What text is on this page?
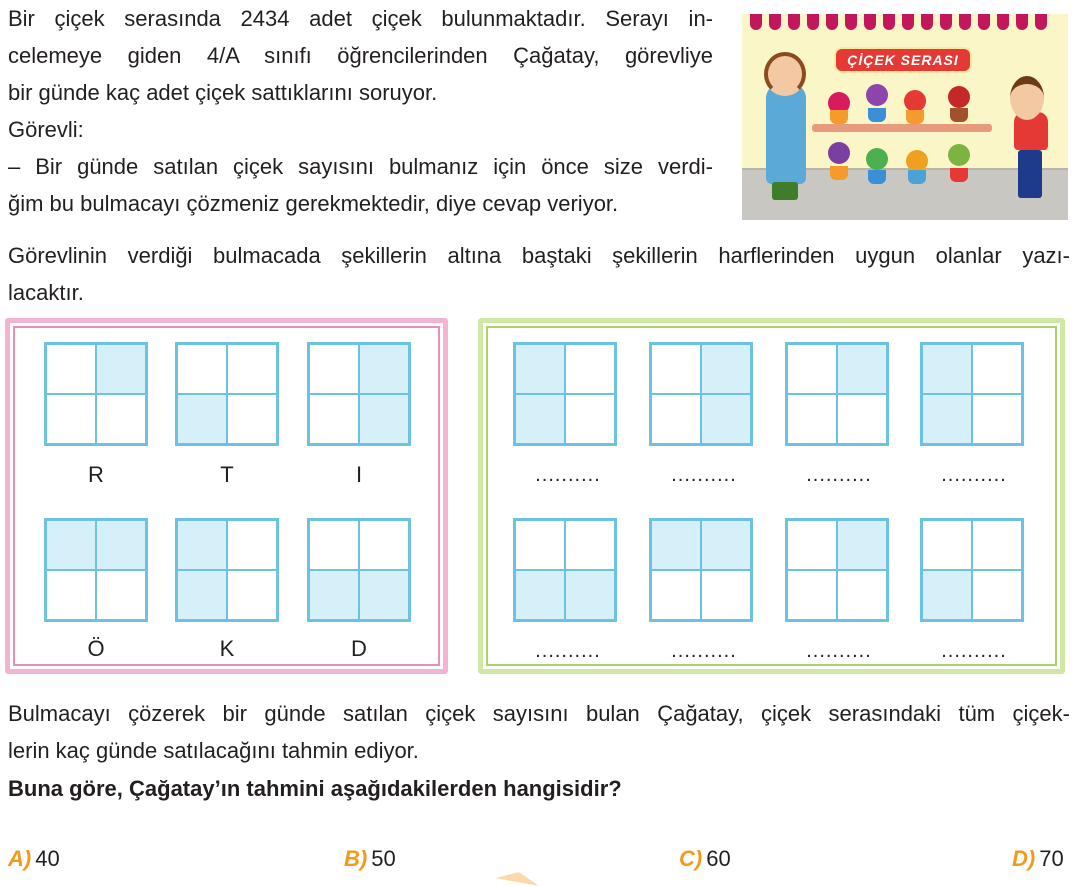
Bir çiçek serasında 2434 adet çiçek bulunmaktadır. Serayı in-
celemeye giden 4/A sınıfı öğrencilerinden Çağatay, görevliye
bir günde kaç adet çiçek sattıklarını soruyor.
Görevli:
– Bir günde satılan çiçek sayısını bulmanız için önce size verdi-
ğim bu bulmacayı çözmeniz gerekmektedir, diye cevap veriyor.
ÇİÇEK SERASI
Görevlinin verdiği bulmacada şekillerin altına baştaki şekillerin harflerinden uygun olanlar yazı-
lacaktır.
R	T	I
Ö	K	D
..........	..........	..........	..........
..........	..........	..........	..........
Bulmacayı çözerek bir günde satılan çiçek sayısını bulan Çağatay, çiçek serasındaki tüm çiçek-
lerin kaç günde satılacağını tahmin ediyor.
Buna göre, Çağatay’ın tahmini aşağıdakilerden hangisidir?
A) 40	B) 50	C) 60	D) 70
